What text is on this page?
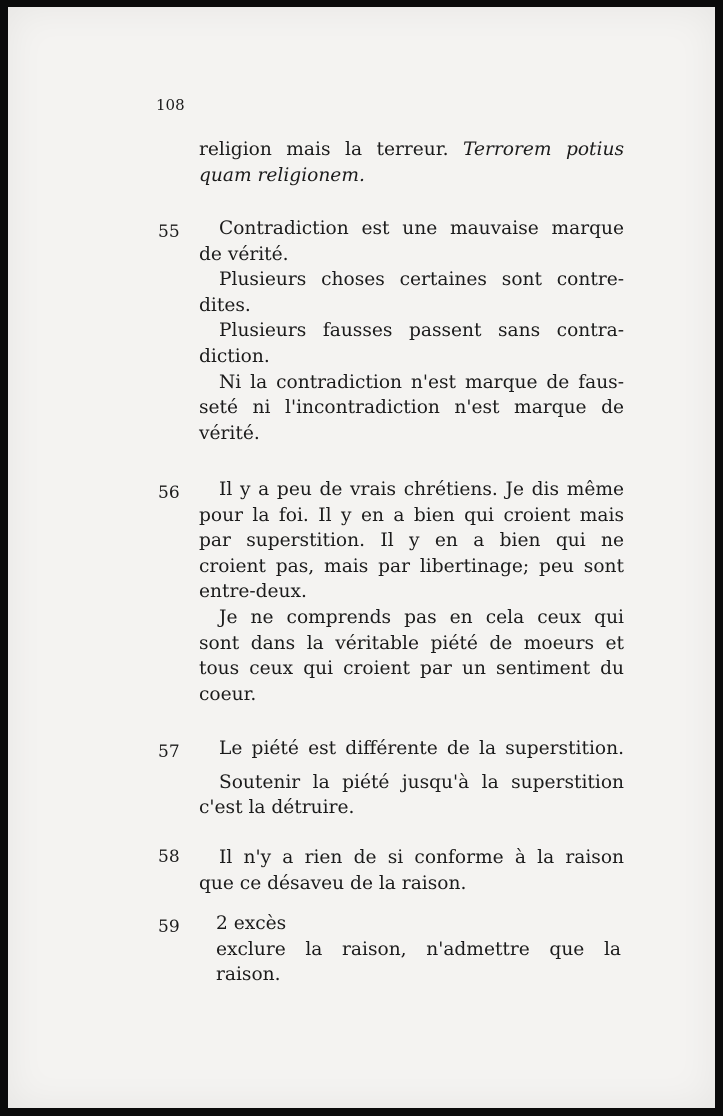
108
religion mais la terreur. Terrorem potius
quam religionem.
55	Contradiction est une mauvaise marque
de vérité.
Plusieurs choses certaines sont contre-
dites.
Plusieurs fausses passent sans contra-
diction.
Ni la contradiction n'est marque de faus-
seté ni l'incontradiction n'est marque de
vérité.
56	Il y a peu de vrais chrétiens. Je dis même
pour la foi. Il y en a bien qui croient mais
par superstition. Il y en a bien qui ne
croient pas, mais par libertinage; peu sont
entre-deux.
Je ne comprends pas en cela ceux qui
sont dans la véritable piété de moeurs et
tous ceux qui croient par un sentiment du
coeur.
57	Le piété est différente de la superstition.
Soutenir la piété jusqu'à la superstition
c'est la détruire.
58	Il n'y a rien de si conforme à la raison
que ce désaveu de la raison.
59 2 excès
exclure la raison, n'admettre que la raison.
